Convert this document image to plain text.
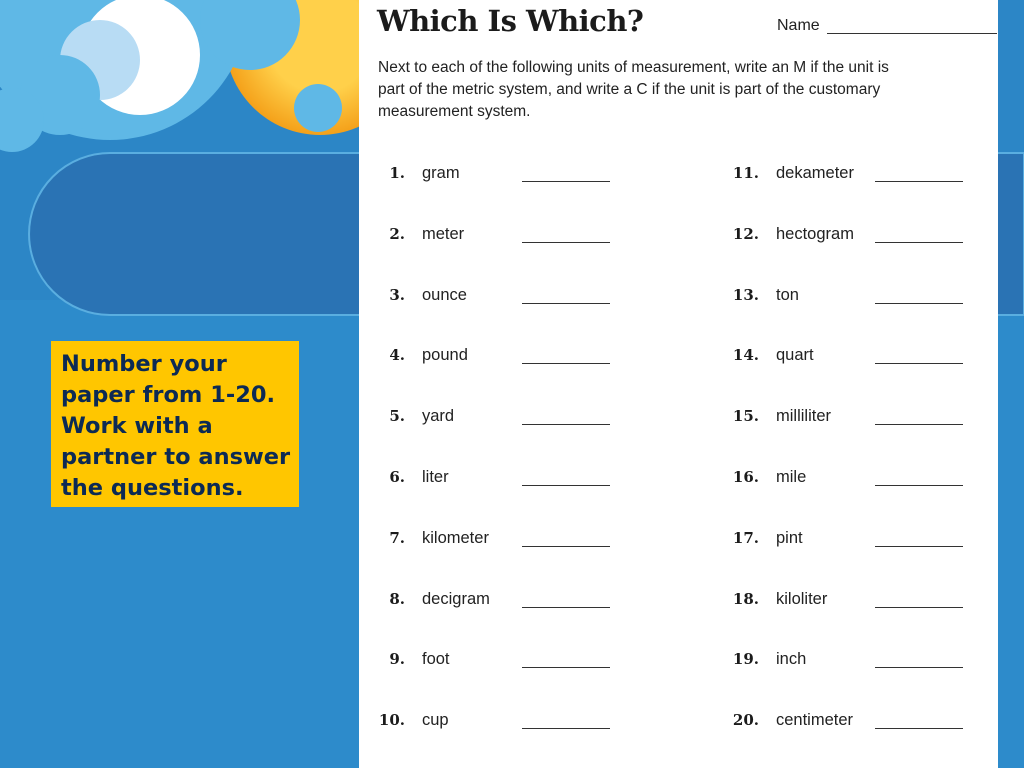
Number your
paper from 1-20.
Work with a
partner to answer
the questions.
Which Is Which?	Name
Next to each of the following units of measurement, write an M if the unit is
part of the metric system, and write a C if the unit is part of the customary
measurement system.
1. gram
2. meter
3. ounce
4. pound
5. yard
6. liter
7. kilometer
8. decigram
9. foot
10. cup
11. dekameter
12. hectogram
13. ton
14. quart
15. milliliter
16. mile
17. pint
18. kiloliter
19. inch
20. centimeter
